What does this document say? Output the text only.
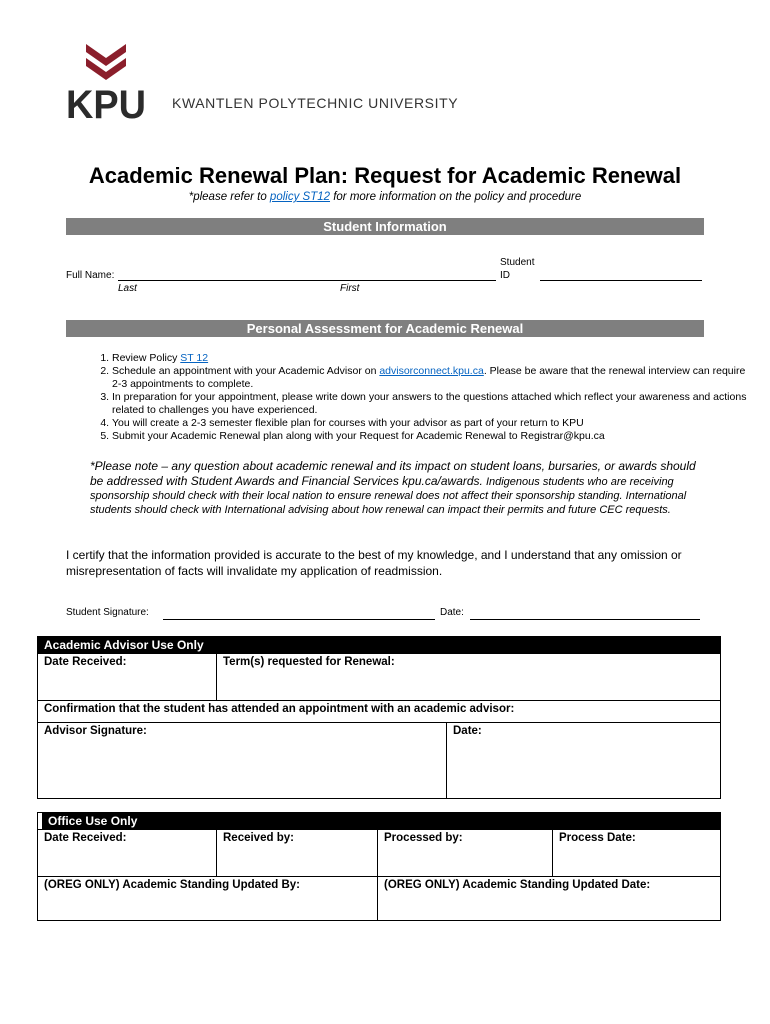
KPU KWANTLEN POLYTECHNIC UNIVERSITY
Academic Renewal Plan: Request for Academic Renewal
*please refer to policy ST12 for more information on the policy and procedure
Student Information
Full Name:
Last	First
Student
ID
Personal Assessment for Academic Renewal
1. Review Policy ST 12
2. Schedule an appointment with your Academic Advisor on advisorconnect.kpu.ca. Please be aware that the renewal interview can require 2-3 appointments to complete.
3. In preparation for your appointment, please write down your answers to the questions attached which reflect your awareness and actions related to challenges you have experienced.
4. You will create a 2-3 semester flexible plan for courses with your advisor as part of your return to KPU
5. Submit your Academic Renewal plan along with your Request for Academic Renewal to Registrar@kpu.ca
*Please note – any question about academic renewal and its impact on student loans, bursaries, or awards should be addressed with Student Awards and Financial Services kpu.ca/awards. Indigenous students who are receiving sponsorship should check with their local nation to ensure renewal does not affect their sponsorship standing. International students should check with International advising about how renewal can impact their permits and future CEC requests.
I certify that the information provided is accurate to the best of my knowledge, and I understand that any omission or misrepresentation of facts will invalidate my application of readmission.
Student Signature:	Date:
Academic Advisor Use Only
Date Received:	Term(s) requested for Renewal:
Confirmation that the student has attended an appointment with an academic advisor:
Advisor Signature:	Date:
Office Use Only
Date Received:	Received by:	Processed by:	Process Date:
(OREG ONLY) Academic Standing Updated By:		(OREG ONLY) Academic Standing Updated Date:	
